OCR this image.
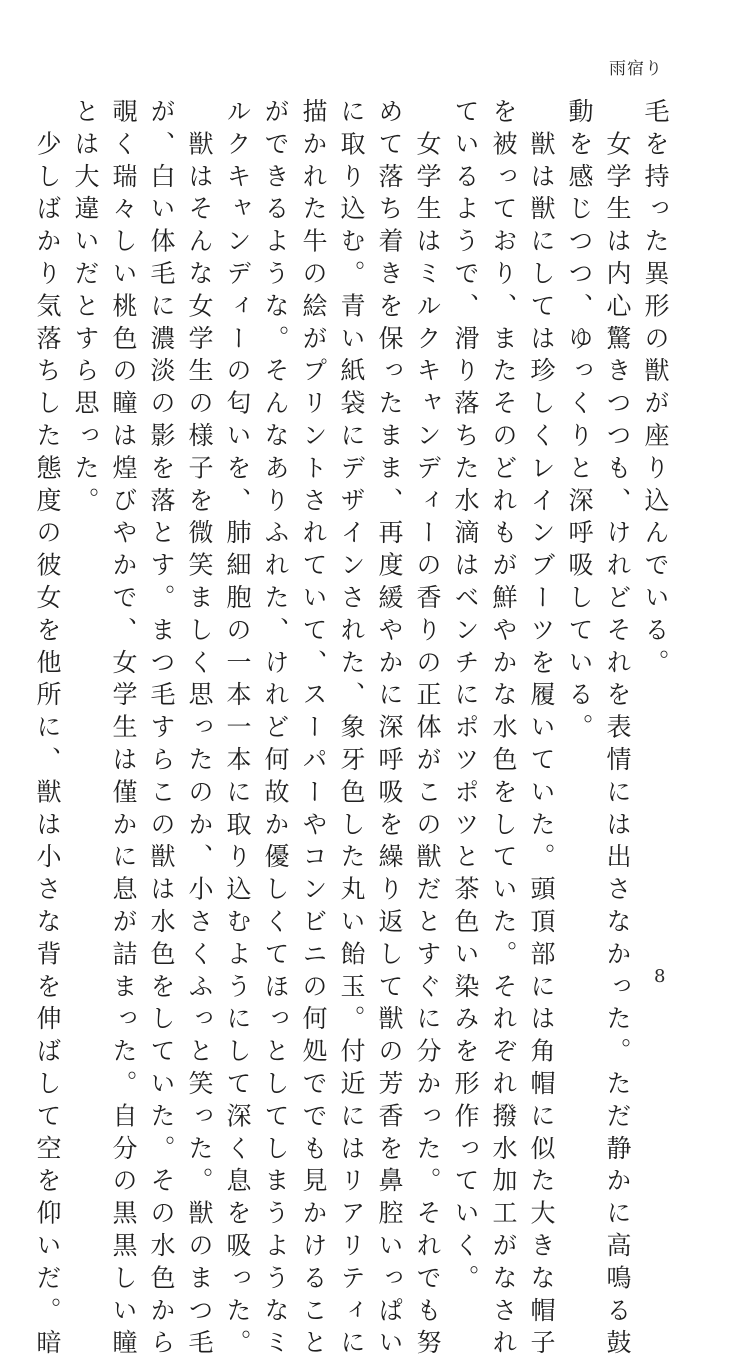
雨宿り
毛を持った異形の獣が座り込んでいる。
　女学生は内心驚きつつも、けれどそれを表情には出さなかった。ただ静かに高鳴る鼓
動を感じつつ、ゆっくりと深呼吸している。
　獣は獣にしては珍しくレインブーツを履いていた。頭頂部には角帽に似た大きな帽子
を被っており、またそのどれもが鮮やかな水色をしていた。それぞれ撥水加工がなされ
ているようで、滑り落ちた水滴はベンチにポツポツと茶色い染みを形作っていく。
　女学生はミルクキャンディーの香りの正体がこの獣だとすぐに分かった。それでも努
めて落ち着きを保ったまま、再度緩やかに深呼吸を繰り返して獣の芳香を鼻腔いっぱい
に取り込む。青い紙袋にデザインされた、象牙色した丸い飴玉。付近にはリアリティに
描かれた牛の絵がプリントされていて、スーパーやコンビニの何処ででも見かけること
ができるような。そんなありふれた、けれど何故か優しくてほっとしてしまうようなミ
ルクキャンディーの匂いを、肺細胞の一本一本に取り込むようにして深く息を吸った。
　獣はそんな女学生の様子を微笑ましく思ったのか、小さくふっと笑った。獣のまつ毛
が、白い体毛に濃淡の影を落とす。まつ毛すらこの獣は水色をしていた。その水色から
覗く瑞々しい桃色の瞳は煌びやかで、女学生は僅かに息が詰まった。自分の黒黒しい瞳
とは大違いだとすら思った。
　少しばかり気落ちした態度の彼女を他所に、獣は小さな背を伸ばして空を仰いだ。暗	8
